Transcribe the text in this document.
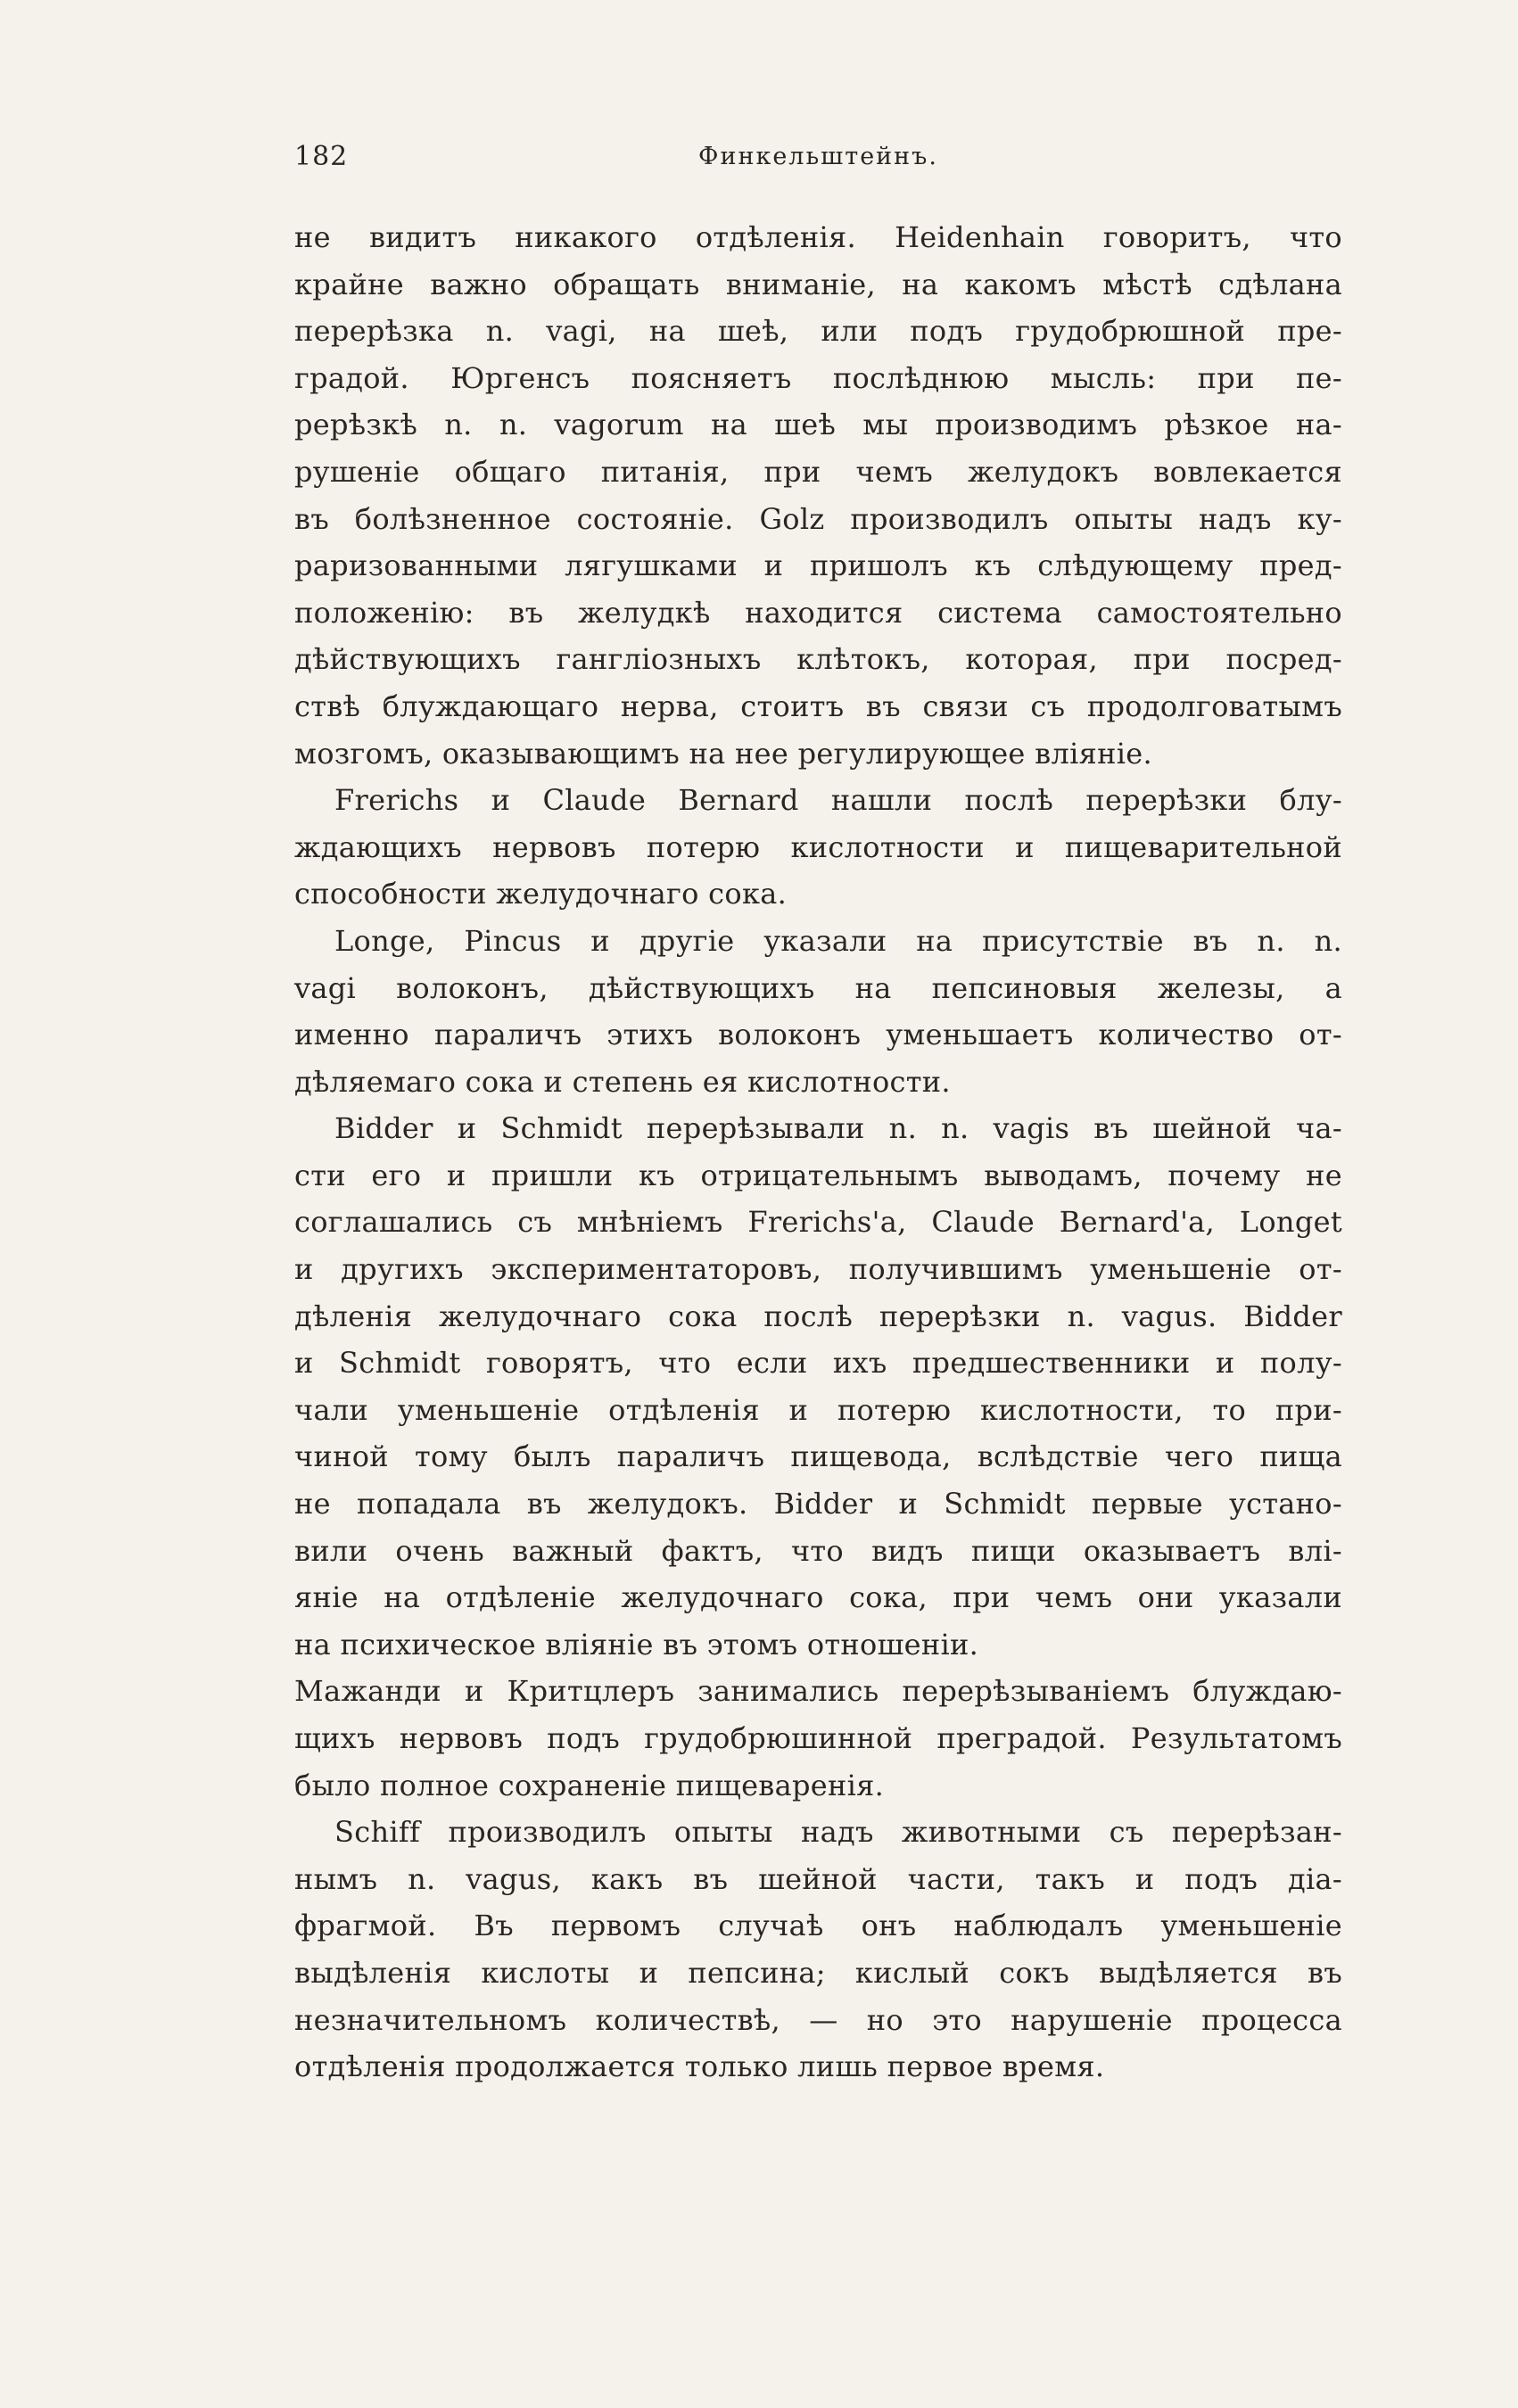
182	Финкельштейнъ.
не видитъ никакого отдѣленія. Heidenhain говоритъ, что
крайне важно обращать вниманіе, на какомъ мѣстѣ сдѣлана
перерѣзка n. vagi, на шеѣ, или подъ грудобрюшной пре-
градой. Юргенсъ поясняетъ послѣднюю мысль: при пе-
рерѣзкѣ n. n. vagorum на шеѣ мы производимъ рѣзкое на-
рушеніе общаго питанія, при чемъ желудокъ вовлекается
въ болѣзненное состояніе. Golz производилъ опыты надъ ку-
раризованными лягушками и пришолъ къ слѣдующему пред-
положенію: въ желудкѣ находится система самостоятельно
дѣйствующихъ гангліозныхъ клѣтокъ, которая, при посред-
ствѣ блуждающаго нерва, стоитъ въ связи съ продолговатымъ
мозгомъ, оказывающимъ на нее регулирующее вліяніе.
Frerichs и Claude Bernard нашли послѣ перерѣзки блу-
ждающихъ нервовъ потерю кислотности и пищеварительной
способности желудочнаго сока.
Longe, Pincus и другіе указали на присутствіе въ n. n.
vagi волоконъ, дѣйствующихъ на пепсиновыя железы, а
именно параличъ этихъ волоконъ уменьшаетъ количество от-
дѣляемаго сока и степень ея кислотности.
Bidder и Schmidt перерѣзывали n. n. vagis въ шейной ча-
сти его и пришли къ отрицательнымъ выводамъ, почему не
соглашались съ мнѣніемъ Frerichs'а, Claude Bernard'а, Longet
и другихъ экспериментаторовъ, получившимъ уменьшеніе от-
дѣленія желудочнаго сока послѣ перерѣзки n. vagus. Bidder
и Schmidt говорятъ, что если ихъ предшественники и полу-
чали уменьшеніе отдѣленія и потерю кислотности, то при-
чиной тому былъ параличъ пищевода, вслѣдствіе чего пища
не попадала въ желудокъ. Bidder и Schmidt первые устано-
вили очень важный фактъ, что видъ пищи оказываетъ влі-
яніе на отдѣленіе желудочнаго сока, при чемъ они указали
на психическое вліяніе въ этомъ отношеніи.
Мажанди и Критцлеръ занимались перерѣзываніемъ блуждаю-
щихъ нервовъ подъ грудобрюшинной преградой. Результатомъ
было полное сохраненіе пищеваренія.
Schiff производилъ опыты надъ животными съ перерѣзан-
нымъ n. vagus, какъ въ шейной части, такъ и подъ діа-
фрагмой. Въ первомъ случаѣ онъ наблюдалъ уменьшеніе
выдѣленія кислоты и пепсина; кислый сокъ выдѣляется въ
незначительномъ количествѣ, — но это нарушеніе процесса
отдѣленія продолжается только лишь первое время.
